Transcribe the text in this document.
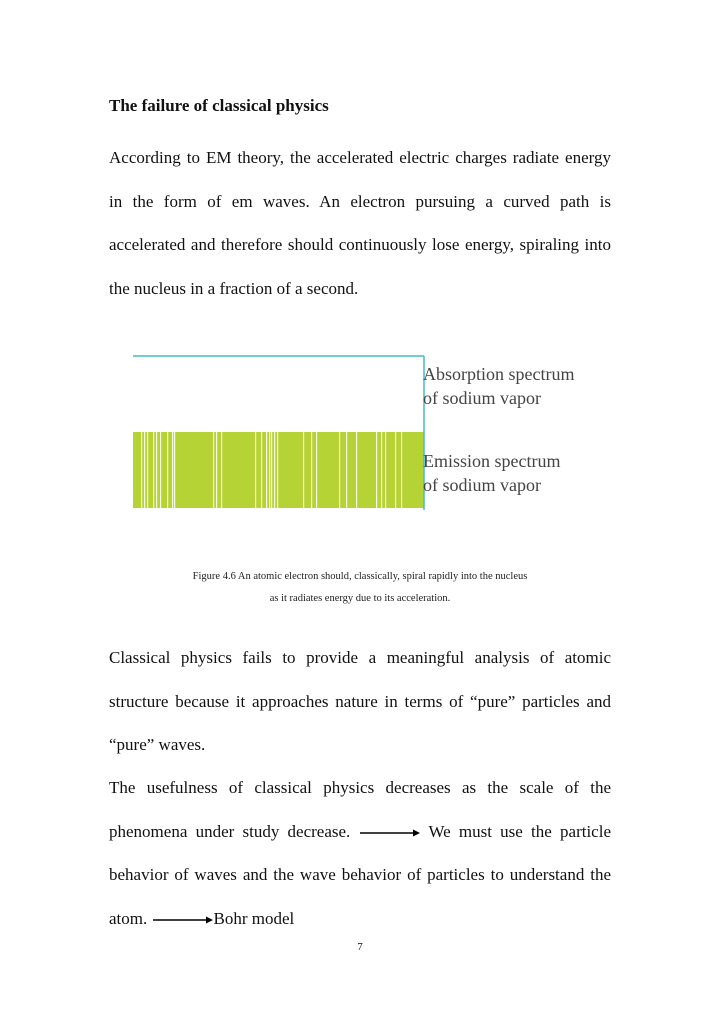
The failure of classical physics

According to EM theory, the accelerated electric charges radiate energy in the form of em waves. An electron pursuing a curved path is accelerated and therefore should continuously lose energy, spiraling into the nucleus in a fraction of a second.

Absorption spectrum
of sodium vapor

Emission spectrum
of sodium vapor

Figure 4.6 An atomic electron should, classically, spiral rapidly into the nucleus

as it radiates energy due to its acceleration.

Classical physics fails to provide a meaningful analysis of atomic structure because it approaches nature in terms of “pure” particles and “pure” waves.

The usefulness of classical physics decreases as the scale of the phenomena under study decrease.	We must use the particle behavior of waves and the wave behavior of particles to understand the atom.	Bohr model

7
